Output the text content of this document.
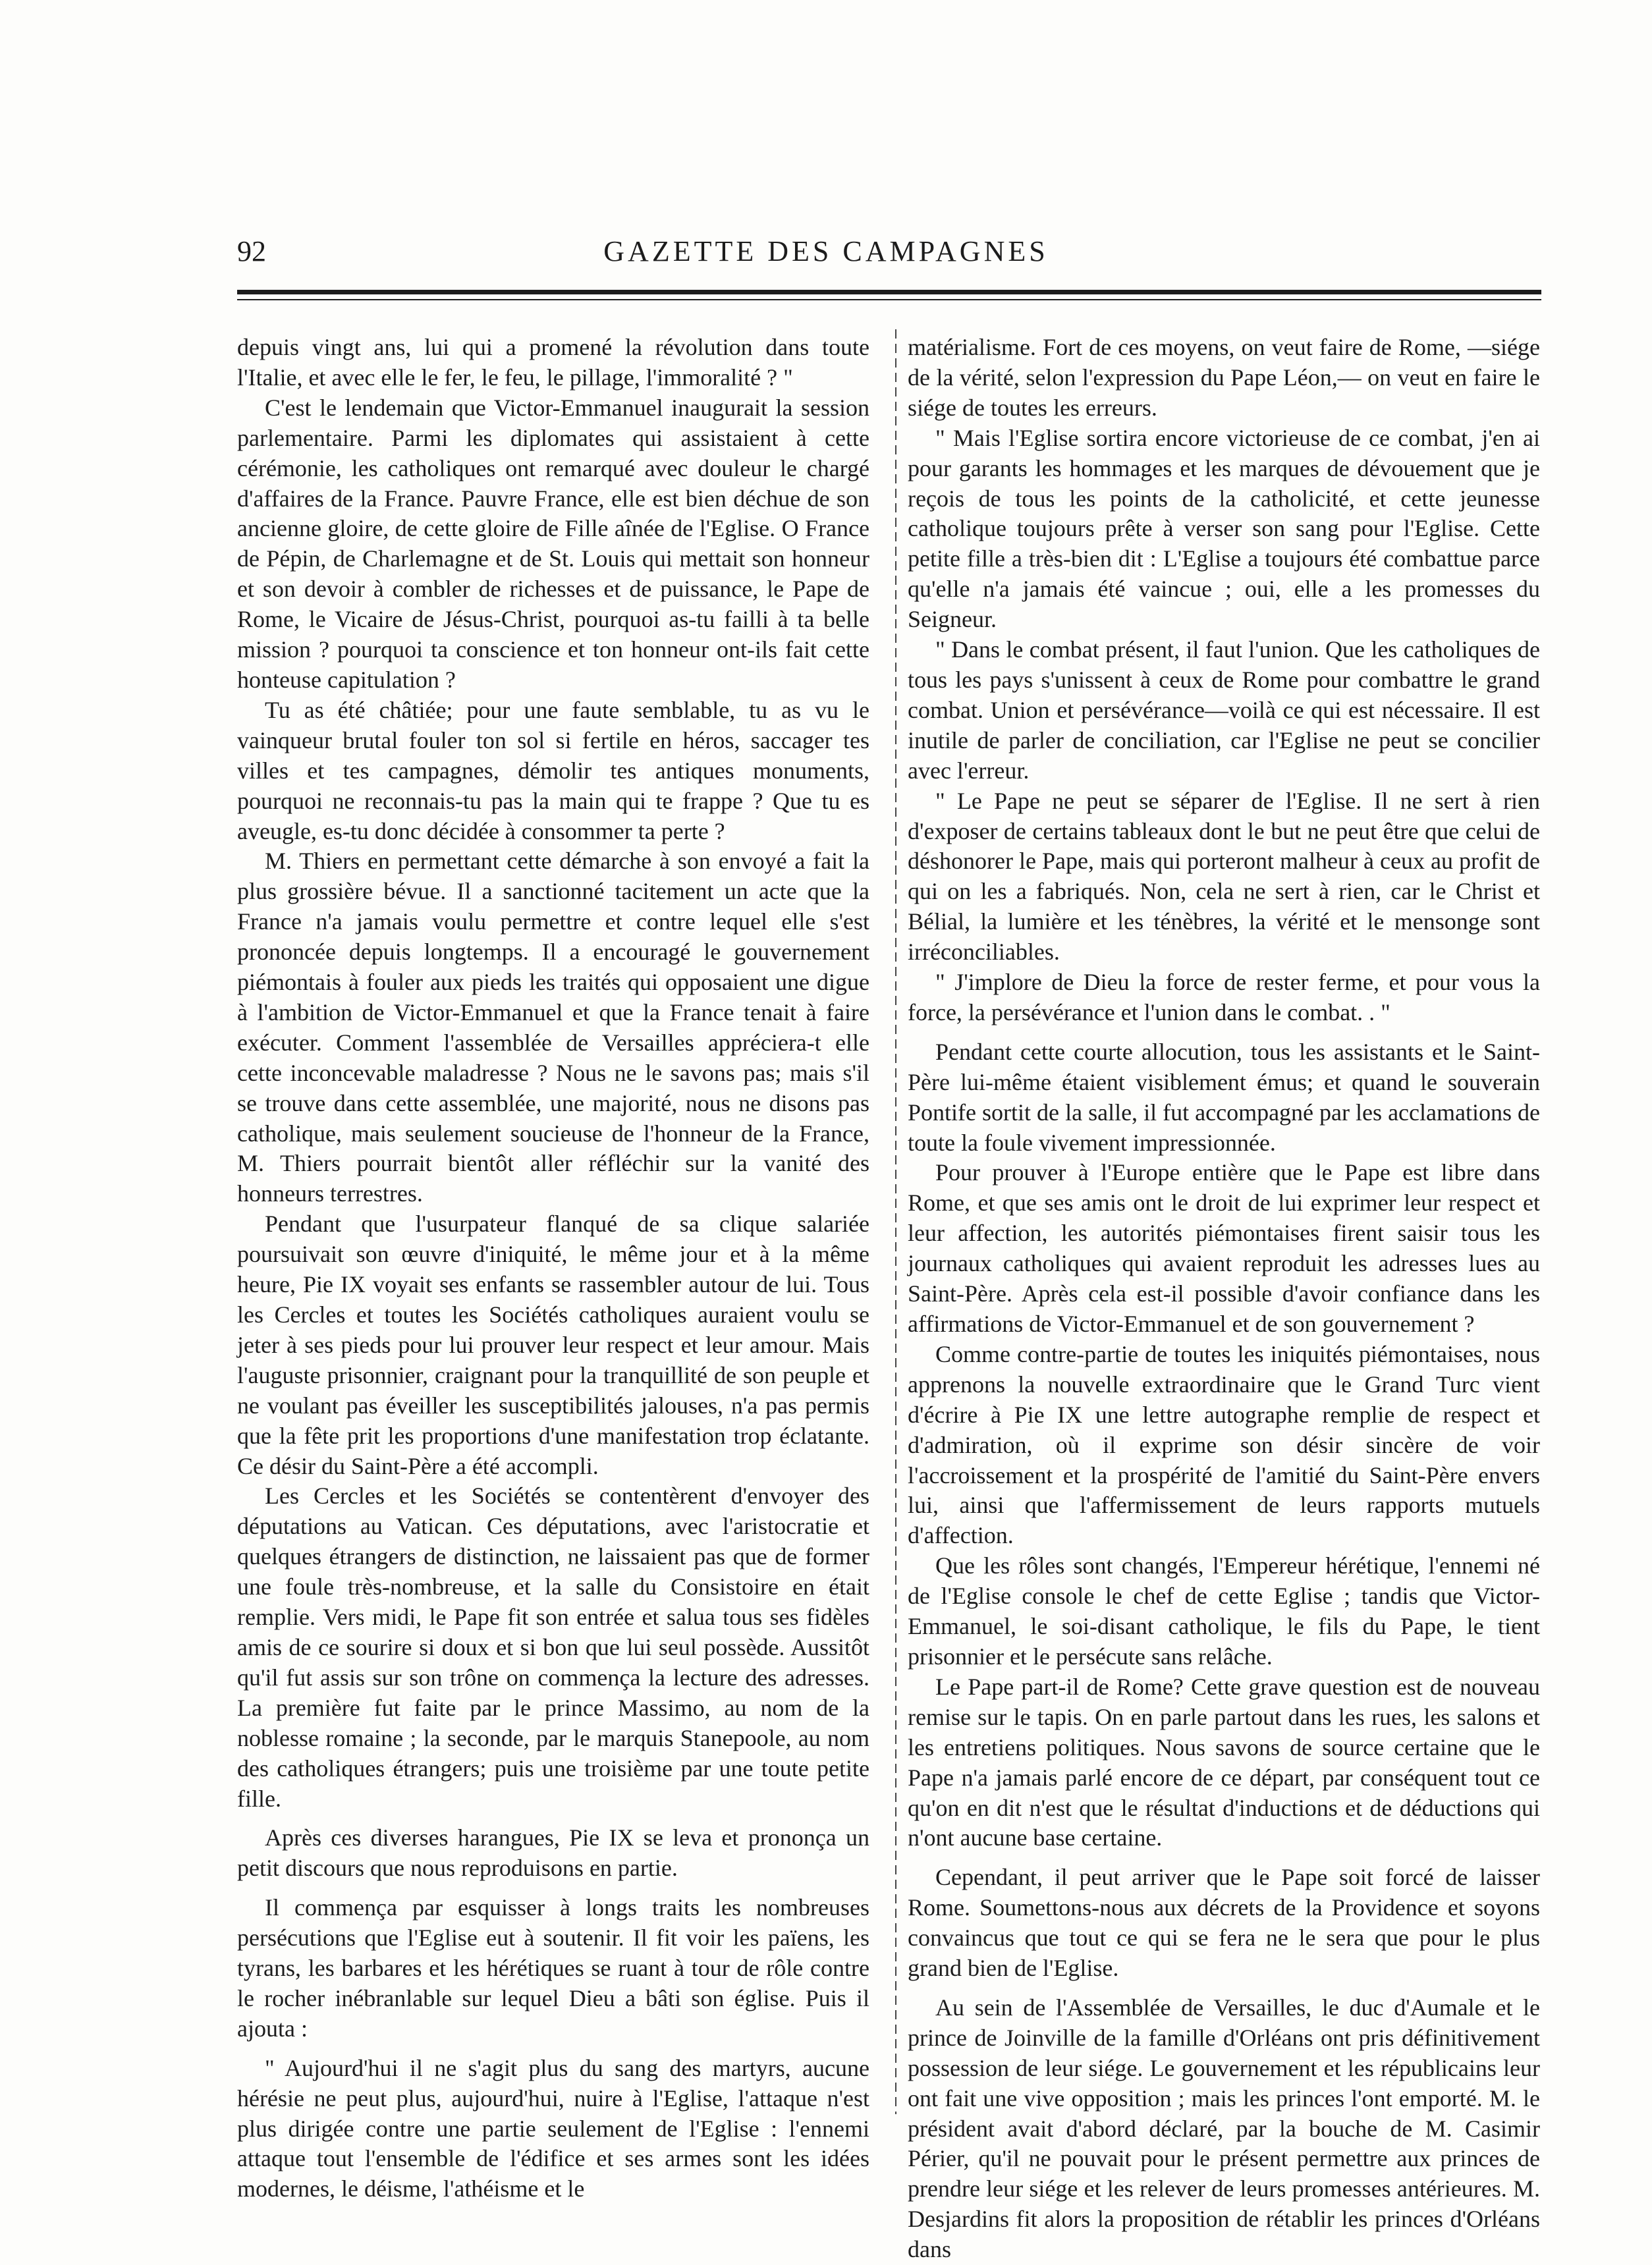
GAZETTE DES CAMPAGNES
92

depuis vingt ans, lui qui a promené la révolution dans toute l'Italie, et avec elle le fer, le feu, le pillage, l'immoralité ? "

C'est le lendemain que Victor-Emmanuel inaugurait la session parlementaire. Parmi les diplomates qui assistaient à cette cérémonie, les catholiques ont remarqué avec douleur le chargé d'affaires de la France. Pauvre France, elle est bien déchue de son ancienne gloire, de cette gloire de Fille aînée de l'Eglise. O France de Pépin, de Charlemagne et de St. Louis qui mettait son honneur et son devoir à combler de richesses et de puissance, le Pape de Rome, le Vicaire de Jésus-Christ, pourquoi as-tu failli à ta belle mission ? pourquoi ta conscience et ton honneur ont-ils fait cette honteuse capitulation ?

Tu as été châtiée; pour une faute semblable, tu as vu le vainqueur brutal fouler ton sol si fertile en héros, saccager tes villes et tes campagnes, démolir tes antiques monuments, pourquoi ne reconnais-tu pas la main qui te frappe ? Que tu es aveugle, es-tu donc décidée à consommer ta perte ?

M. Thiers en permettant cette démarche à son envoyé a fait la plus grossière bévue. Il a sanctionné tacitement un acte que la France n'a jamais voulu permettre et contre lequel elle s'est prononcée depuis longtemps. Il a encouragé le gouvernement piémontais à fouler aux pieds les traités qui opposaient une digue à l'ambition de Victor-Emmanuel et que la France tenait à faire exécuter. Comment l'assemblée de Versailles appréciera-t elle cette inconcevable maladresse ? Nous ne le savons pas; mais s'il se trouve dans cette assemblée, une majorité, nous ne disons pas catholique, mais seulement soucieuse de l'honneur de la France, M. Thiers pourrait bientôt aller réfléchir sur la vanité des honneurs terrestres.

Pendant que l'usurpateur flanqué de sa clique salariée poursuivait son œuvre d'iniquité, le même jour et à la même heure, Pie IX voyait ses enfants se rassembler autour de lui. Tous les Cercles et toutes les Sociétés catholiques auraient voulu se jeter à ses pieds pour lui prouver leur respect et leur amour. Mais l'auguste prisonnier, craignant pour la tranquillité de son peuple et ne voulant pas éveiller les susceptibilités jalouses, n'a pas permis que la fête prit les proportions d'une manifestation trop éclatante. Ce désir du Saint-Père a été accompli.

Les Cercles et les Sociétés se contentèrent d'envoyer des députations au Vatican. Ces députations, avec l'aristocratie et quelques étrangers de distinction, ne laissaient pas que de former une foule très-nombreuse, et la salle du Consistoire en était remplie. Vers midi, le Pape fit son entrée et salua tous ses fidèles amis de ce sourire si doux et si bon que lui seul possède. Aussitôt qu'il fut assis sur son trône on commença la lecture des adresses. La première fut faite par le prince Massimo, au nom de la noblesse romaine ; la seconde, par le marquis Stanepoole, au nom des catholiques étrangers; puis une troisième par une toute petite fille.

Après ces diverses harangues, Pie IX se leva et prononça un petit discours que nous reproduisons en partie.

Il commença par esquisser à longs traits les nombreuses persécutions que l'Eglise eut à soutenir. Il fit voir les païens, les tyrans, les barbares et les hérétiques se ruant à tour de rôle contre le rocher inébranlable sur lequel Dieu a bâti son église. Puis il ajouta :

" Aujourd'hui il ne s'agit plus du sang des martyrs, aucune hérésie ne peut plus, aujourd'hui, nuire à l'Eglise, l'attaque n'est plus dirigée contre une partie seulement de l'Eglise : l'ennemi attaque tout l'ensemble de l'édifice et ses armes sont les idées modernes, le déisme, l'athéisme et le

matérialisme. Fort de ces moyens, on veut faire de Rome, —siége de la vérité, selon l'expression du Pape Léon,— on veut en faire le siége de toutes les erreurs.

" Mais l'Eglise sortira encore victorieuse de ce combat, j'en ai pour garants les hommages et les marques de dévouement que je reçois de tous les points de la catholicité, et cette jeunesse catholique toujours prête à verser son sang pour l'Eglise. Cette petite fille a très-bien dit : L'Eglise a toujours été combattue parce qu'elle n'a jamais été vaincue ; oui, elle a les promesses du Seigneur.

" Dans le combat présent, il faut l'union. Que les catholiques de tous les pays s'unissent à ceux de Rome pour combattre le grand combat. Union et persévérance—voilà ce qui est nécessaire. Il est inutile de parler de conciliation, car l'Eglise ne peut se concilier avec l'erreur.

" Le Pape ne peut se séparer de l'Eglise. Il ne sert à rien d'exposer de certains tableaux dont le but ne peut être que celui de déshonorer le Pape, mais qui porteront malheur à ceux au profit de qui on les a fabriqués. Non, cela ne sert à rien, car le Christ et Bélial, la lumière et les ténèbres, la vérité et le mensonge sont irréconciliables.

" J'implore de Dieu la force de rester ferme, et pour vous la force, la persévérance et l'union dans le combat. . "

Pendant cette courte allocution, tous les assistants et le Saint-Père lui-même étaient visiblement émus; et quand le souverain Pontife sortit de la salle, il fut accompagné par les acclamations de toute la foule vivement impressionnée.

Pour prouver à l'Europe entière que le Pape est libre dans Rome, et que ses amis ont le droit de lui exprimer leur respect et leur affection, les autorités piémontaises firent saisir tous les journaux catholiques qui avaient reproduit les adresses lues au Saint-Père. Après cela est-il possible d'avoir confiance dans les affirmations de Victor-Emmanuel et de son gouvernement ?

Comme contre-partie de toutes les iniquités piémontaises, nous apprenons la nouvelle extraordinaire que le Grand Turc vient d'écrire à Pie IX une lettre autographe remplie de respect et d'admiration, où il exprime son désir sincère de voir l'accroissement et la prospérité de l'amitié du Saint-Père envers lui, ainsi que l'affermissement de leurs rapports mutuels d'affection.

Que les rôles sont changés, l'Empereur hérétique, l'ennemi né de l'Eglise console le chef de cette Eglise ; tandis que Victor-Emmanuel, le soi-disant catholique, le fils du Pape, le tient prisonnier et le persécute sans relâche.

Le Pape part-il de Rome? Cette grave question est de nouveau remise sur le tapis. On en parle partout dans les rues, les salons et les entretiens politiques. Nous savons de source certaine que le Pape n'a jamais parlé encore de ce départ, par conséquent tout ce qu'on en dit n'est que le résultat d'inductions et de déductions qui n'ont aucune base certaine.

Cependant, il peut arriver que le Pape soit forcé de laisser Rome. Soumettons-nous aux décrets de la Providence et soyons convaincus que tout ce qui se fera ne le sera que pour le plus grand bien de l'Eglise.

Au sein de l'Assemblée de Versailles, le duc d'Aumale et le prince de Joinville de la famille d'Orléans ont pris définitivement possession de leur siége. Le gouvernement et les républicains leur ont fait une vive opposition ; mais les princes l'ont emporté. M. le président avait d'abord déclaré, par la bouche de M. Casimir Périer, qu'il ne pouvait pour le présent permettre aux princes de prendre leur siége et les relever de leurs promesses antérieures. M. Desjardins fit alors la proposition de rétablir les princes d'Orléans dans
